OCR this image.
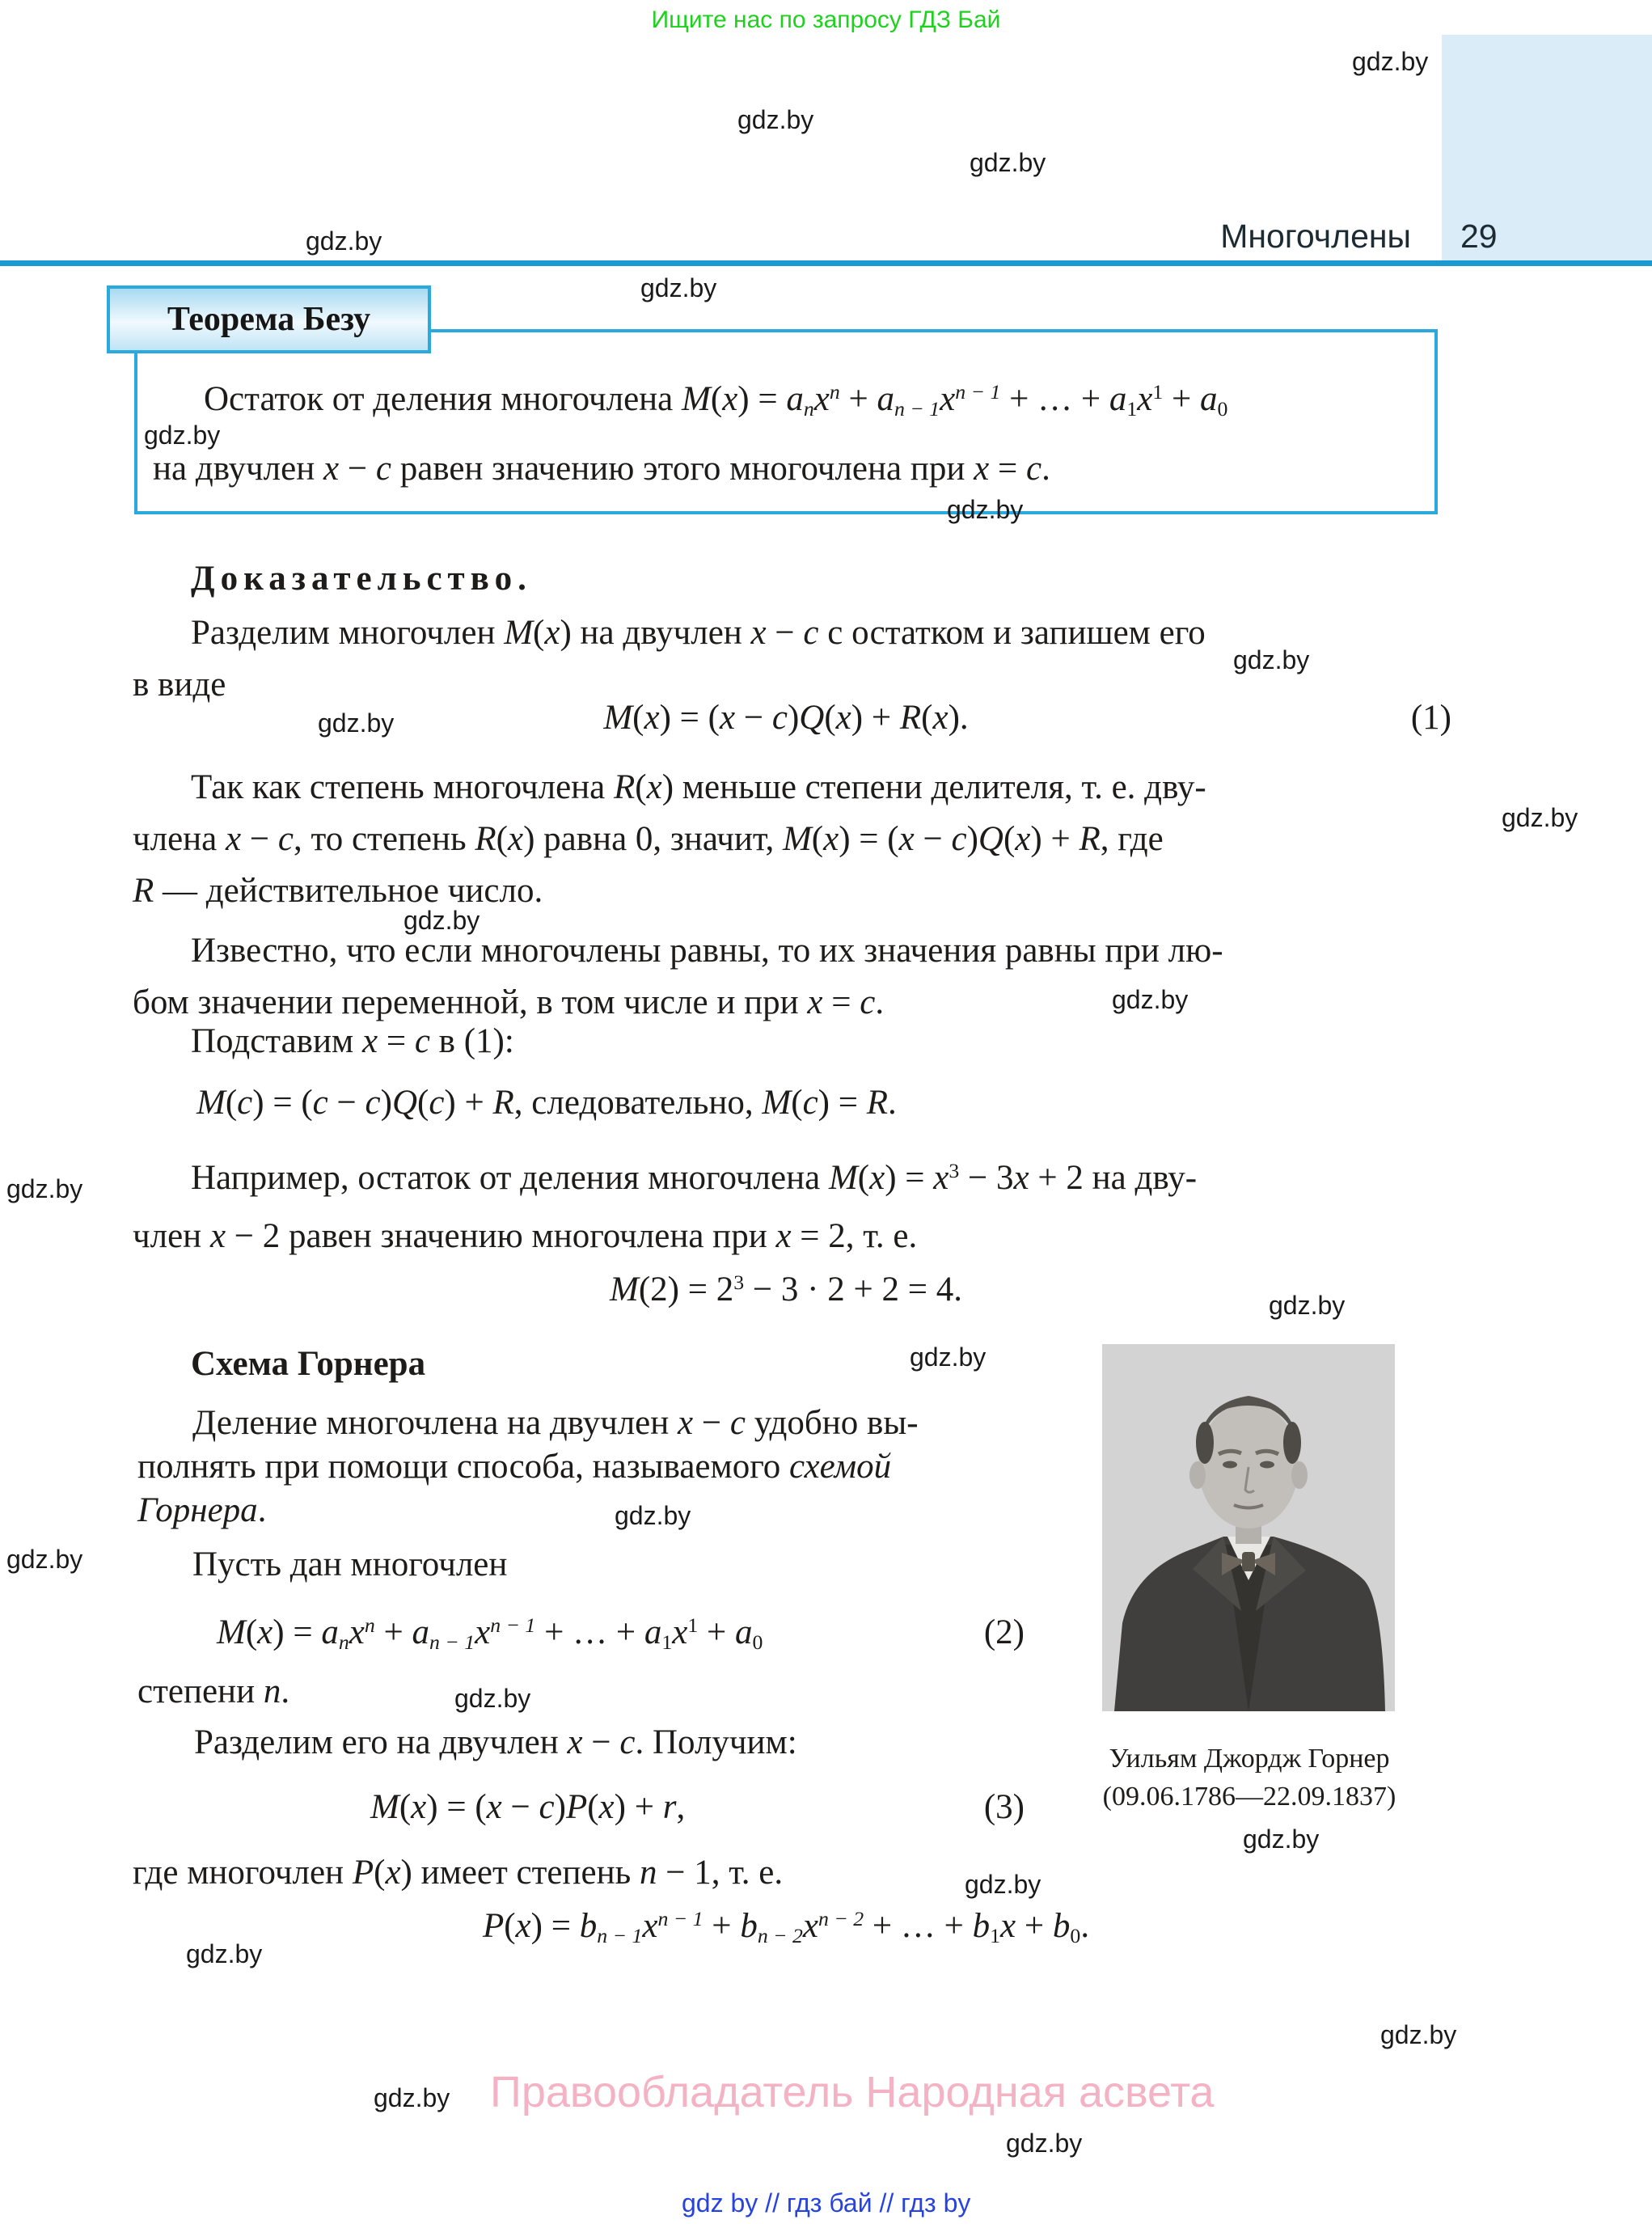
Ищите нас по запросу ГДЗ Бай
Многочлены 29
Теорема Безу
Остаток от деления многочлена M(x) = anx$^n$ + an − $1x^{n - 1}$ + … + $a1x^1 + a0$
на двучлен x − c равен значению этого многочлена при x = c.
Доказательство.
Разделим многочлен M(x) на двучлен x − c с остатком и запишем его
в виде
M(x) = (x − c)Q(x) + R(x).	(1)
Так как степень многочлена R(x) меньше степени делителя, т. е. дву-
члена x − c, то степень R(x) равна 0, значит, M(x) = (x − c)Q(x) + R, где
R — действительное число.
Известно, что если многочлены равны, то их значения равны при лю-
бом значении переменной, в том числе и при x = c.
Подставим x = c в (1):
M(c) = (c − c)Q(c) + R, следовательно, M(c) = R.
Например, остаток от деления многочлена $M(x) = x^3 - 3x + 2$ на дву-
член x − 2 равен значению многочлена при x = 2, т. е.
$M(2) = 2^3 - 3 \cdot 2 + 2 = 4$.
Схема Горнера
Деление многочлена на двучлен x − c удобно вы-
полнять при помощи способа, называемого схемой
Горнера.
Пусть дан многочлен
M(x) = anx$^n$ + an − $1x^{n - 1}$ + … + $a1x^1 + a0$	(2)
степени n.
Разделим его на двучлен x − c. Получим:
M(x) = (x − c)P(x) + r,	(3)
где многочлен P(x) имеет степень n − 1, т. е.
P(x) = bn − $1x^{n - 1}$ + bn − $2x^{n - 2}$ + … + b1x + b0.
Уильям Джордж Горнер
(09.06.1786—22.09.1837)
Правообладатель Народная асвета
gdz by // гдз бай // гдз by
gdz.by
gdz.by
gdz.by
gdz.by
gdz.by
gdz.by
gdz.by
gdz.by
gdz.by
gdz.by
gdz.by
gdz.by
gdz.by
gdz.by
gdz.by
gdz.by
gdz.by
gdz.by
gdz.by
gdz.by
gdz.by
gdz.by
gdz.by
gdz.by
